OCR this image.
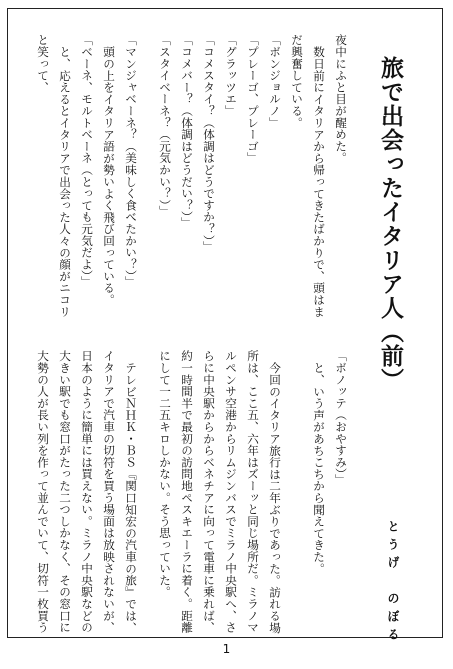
旅で出会ったイタリア人（前）
とうげ　のぼる
夜中にふと目が醒めた。
数日前にイタリアから帰ってきたばかりで、頭はま
だ興奮している。
「ボンジョルノ」
「プレーゴ、プレーゴ」
「グラッツエ」
「コメスタイ？（体調はどうですか？）」
「コメバー？（体調はどうだい？）」
「スタイベーネ？（元気かい？）」
「マンジャベーネ？（美味しく食べたかい？）」
頭の上をイタリア語が勢いよく飛び回っている。
「ベーネ、モルトベーネ（とっても元気だよ）」
と、応えるとイタリアで出会った人々の顔がニコリ
と笑って、
「ボノッテ（おやすみ）」
と、いう声があちこちから聞えてきた。
今回のイタリア旅行は二年ぶりであった。訪れる場
所は、ここ五、六年はズーッと同じ場所だ。ミラノマ
ルペンサ空港からリムジンバスでミラノ中央駅へ、さ
らに中央駅からからベネチアに向って電車に乗れば、
約一時間半で最初の訪問地ペスキエーラに着く。距離
にして一二五キロしかない。そう思っていた。
テレビＮＨＫ・ＢＳ『関口知宏の汽車の旅』では、
イタリアで汽車の切符を買う場面は放映されないが、
日本のように簡単には買えない。ミラノ中央駅などの
大きい駅でも窓口がたった二つしかなく、その窓口に
大勢の人が長い列を作って並んでいて、切符一枚買う
1
